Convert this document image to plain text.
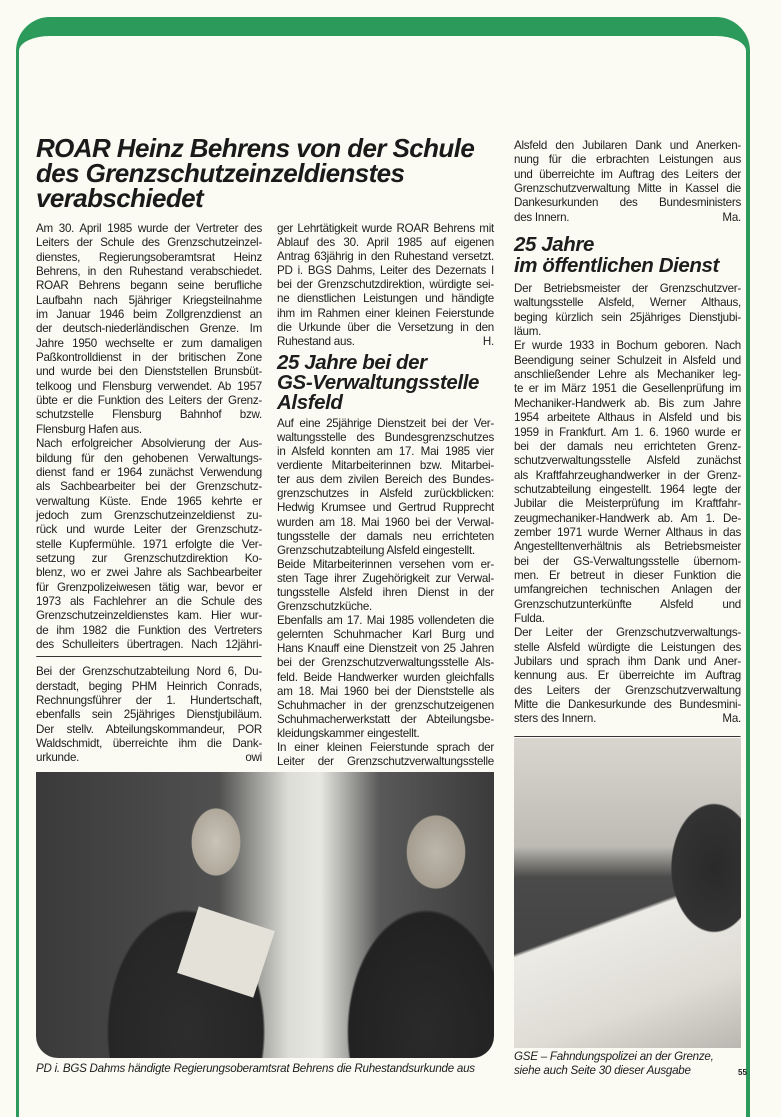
ROAR Heinz Behrens von der Schule
des Grenzschutzeinzeldienstes
verabschiedet
Am 30. April 1985 wurde der Vertreter des
Leiters der Schule des Grenzschutzeinzel-
dienstes, Regierungsoberamtsrat Heinz
Behrens, in den Ruhestand verabschiedet.
ROAR Behrens begann seine berufliche
Laufbahn nach 5jähriger Kriegsteilnahme
im Januar 1946 beim Zollgrenzdienst an
der deutsch-niederländischen Grenze. Im
Jahre 1950 wechselte er zum damaligen
Paßkontrolldienst in der britischen Zone
und wurde bei den Dienststellen Brunsbüt-
telkoog und Flensburg verwendet. Ab 1957
übte er die Funktion des Leiters der Grenz-
schutzstelle Flensburg Bahnhof bzw.
Flensburg Hafen aus.
Nach erfolgreicher Absolvierung der Aus-
bildung für den gehobenen Verwaltungs-
dienst fand er 1964 zunächst Verwendung
als Sachbearbeiter bei der Grenzschutz-
verwaltung Küste. Ende 1965 kehrte er
jedoch zum Grenzschutzeinzeldienst zu-
rück und wurde Leiter der Grenzschutz-
stelle Kupfermühle. 1971 erfolgte die Ver-
setzung zur Grenzschutzdirektion Ko-
blenz, wo er zwei Jahre als Sachbearbeiter
für Grenzpolizeiwesen tätig war, bevor er
1973 als Fachlehrer an die Schule des
Grenzschutzeinzeldienstes kam. Hier wur-
de ihm 1982 die Funktion des Vertreters
des Schulleiters übertragen. Nach 12jähri-
Bei der Grenzschutzabteilung Nord 6, Du-
derstadt, beging PHM Heinrich Conrads,
Rechnungsführer der 1. Hundertschaft,
ebenfalls sein 25jähriges Dienstjubiläum.
Der stellv. Abteilungskommandeur, POR
Waldschmidt, überreichte ihm die Dank-
urkunde.	owi
ger Lehrtätigkeit wurde ROAR Behrens mit
Ablauf des 30. April 1985 auf eigenen
Antrag 63jährig in den Ruhestand versetzt.
PD i. BGS Dahms, Leiter des Dezernats I
bei der Grenzschutzdirektion, würdigte sei-
ne dienstlichen Leistungen und händigte
ihm im Rahmen einer kleinen Feierstunde
die Urkunde über die Versetzung in den
Ruhestand aus.	H.
25 Jahre bei der
GS-Verwaltungsstelle
Alsfeld
Auf eine 25jährige Dienstzeit bei der Ver-
waltungsstelle des Bundesgrenzschutzes
in Alsfeld konnten am 17. Mai 1985 vier
verdiente Mitarbeiterinnen bzw. Mitarbei-
ter aus dem zivilen Bereich des Bundes-
grenzschutzes in Alsfeld zurückblicken:
Hedwig Krumsee und Gertrud Rupprecht
wurden am 18. Mai 1960 bei der Verwal-
tungsstelle der damals neu errichteten
Grenzschutzabteilung Alsfeld eingestellt.
Beide Mitarbeiterinnen versehen vom er-
sten Tage ihrer Zugehörigkeit zur Verwal-
tungsstelle Alsfeld ihren Dienst in der
Grenzschutzküche.
Ebenfalls am 17. Mai 1985 vollendeten die
gelernten Schuhmacher Karl Burg und
Hans Knauff eine Dienstzeit von 25 Jahren
bei der Grenzschutzverwaltungsstelle Als-
feld. Beide Handwerker wurden gleichfalls
am 18. Mai 1960 bei der Dienststelle als
Schuhmacher in der grenzschutzeigenen
Schuhmacherwerkstatt der Abteilungsbe-
kleidungskammer eingestellt.
In einer kleinen Feierstunde sprach der
Leiter der Grenzschutzverwaltungsstelle
Alsfeld den Jubilaren Dank und Anerken-
nung für die erbrachten Leistungen aus
und überreichte im Auftrag des Leiters der
Grenzschutzverwaltung Mitte in Kassel die
Dankesurkunden des Bundesministers
des Innern.	Ma.
25 Jahre
im öffentlichen Dienst
Der Betriebsmeister der Grenzschutzver-
waltungsstelle Alsfeld, Werner Althaus,
beging kürzlich sein 25jähriges Dienstjubi-
läum.
Er wurde 1933 in Bochum geboren. Nach
Beendigung seiner Schulzeit in Alsfeld und
anschließender Lehre als Mechaniker leg-
te er im März 1951 die Gesellenprüfung im
Mechaniker-Handwerk ab. Bis zum Jahre
1954 arbeitete Althaus in Alsfeld und bis
1959 in Frankfurt. Am 1. 6. 1960 wurde er
bei der damals neu errichteten Grenz-
schutzverwaltungsstelle Alsfeld zunächst
als Kraftfahrzeughandwerker in der Grenz-
schutzabteilung eingestellt. 1964 legte der
Jubilar die Meisterprüfung im Kraftfahr-
zeugmechaniker-Handwerk ab. Am 1. De-
zember 1971 wurde Werner Althaus in das
Angestelltenverhältnis als Betriebsmeister
bei der GS-Verwaltungsstelle übernom-
men. Er betreut in dieser Funktion die
umfangreichen technischen Anlagen der
Grenzschutzunterkünfte Alsfeld und
Fulda.
Der Leiter der Grenzschutzverwaltungs-
stelle Alsfeld würdigte die Leistungen des
Jubilars und sprach ihm Dank und Aner-
kennung aus. Er überreichte im Auftrag
des Leiters der Grenzschutzverwaltung
Mitte die Dankesurkunde des Bundesmini-
sters des Innern.	Ma.
PD i. BGS Dahms händigte Regierungsoberamtsrat Behrens die Ruhestandsurkunde aus
GSE – Fahndungspolizei an der Grenze,
siehe auch Seite 30 dieser Ausgabe	55
